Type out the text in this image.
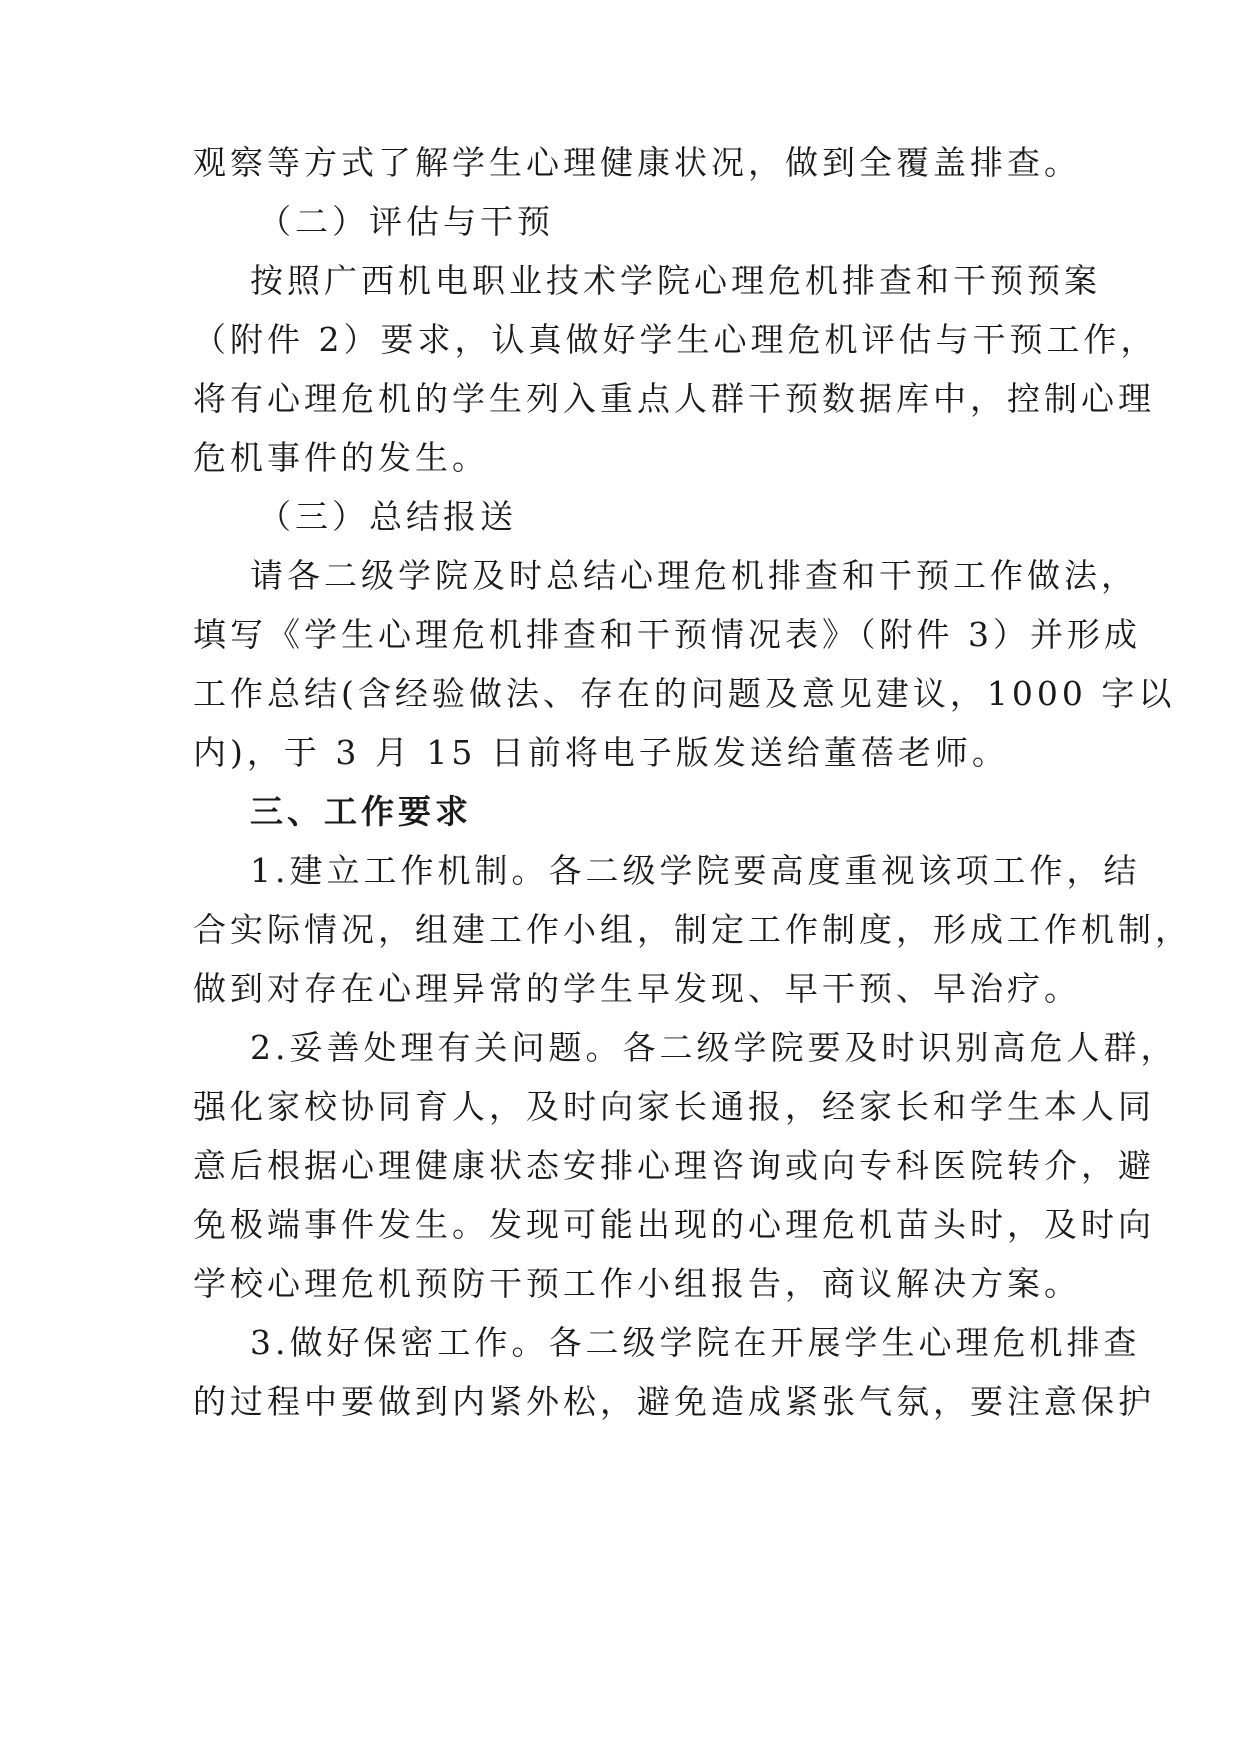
观察等方式了解学生心理健康状况，做到全覆盖排查。

（二）评估与干预

按照广西机电职业技术学院心理危机排查和干预预案

（附件 2）要求，认真做好学生心理危机评估与干预工作，

将有心理危机的学生列入重点人群干预数据库中，控制心理

危机事件的发生。

（三）总结报送

请各二级学院及时总结心理危机排查和干预工作做法，

填写《学生心理危机排查和干预情况表》（附件 3）并形成

工作总结(含经验做法、存在的问题及意见建议，1000 字以

内)，于 3 月 15 日前将电子版发送给董蓓老师。

三、工作要求

1.建立工作机制。各二级学院要高度重视该项工作，结

合实际情况，组建工作小组，制定工作制度，形成工作机制，

做到对存在心理异常的学生早发现、早干预、早治疗。

2.妥善处理有关问题。各二级学院要及时识别高危人群，

强化家校协同育人，及时向家长通报，经家长和学生本人同

意后根据心理健康状态安排心理咨询或向专科医院转介，避

免极端事件发生。发现可能出现的心理危机苗头时，及时向

学校心理危机预防干预工作小组报告，商议解决方案。

3.做好保密工作。各二级学院在开展学生心理危机排查

的过程中要做到内紧外松，避免造成紧张气氛，要注意保护
